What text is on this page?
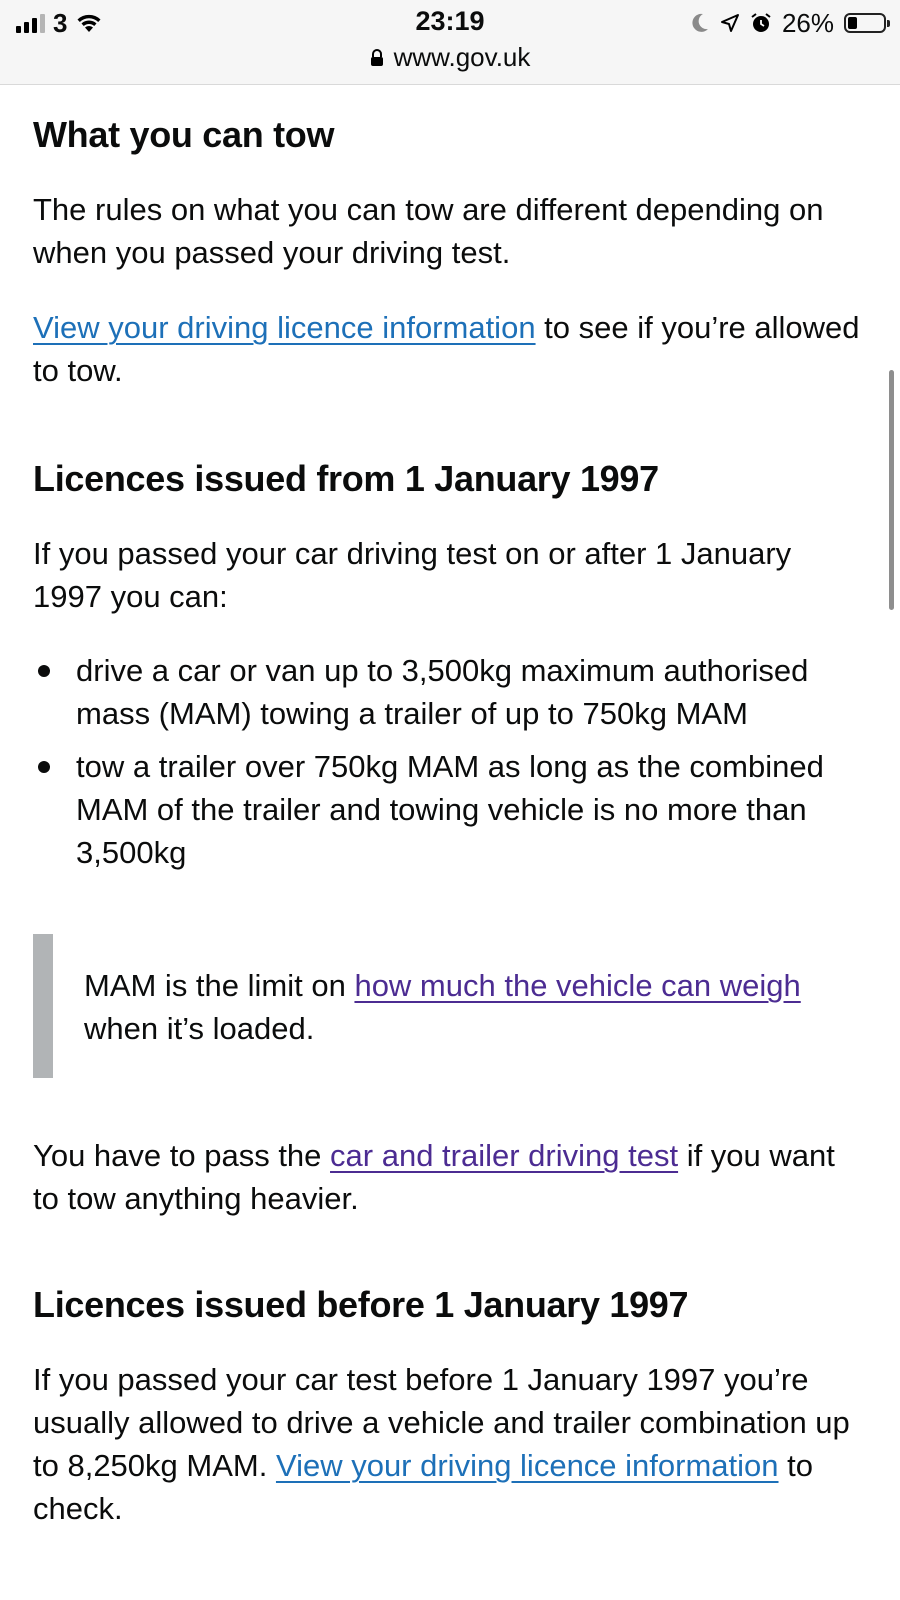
3	23:19
www.gov.uk
26%
What you can tow

The rules on what you can tow are different depending on when you passed your driving test.

View your driving licence information to see if you’re allowed to tow.

Licences issued from 1 January 1997

If you passed your car driving test on or after 1 January 1997 you can:

drive a car or van up to 3,500kg maximum authorised mass (MAM) towing a trailer of up to 750kg MAM
tow a trailer over 750kg MAM as long as the combined MAM of the trailer and towing vehicle is no more than 3,500kg

MAM is the limit on how much the vehicle can weigh when it’s loaded.

You have to pass the car and trailer driving test if you want to tow anything heavier.

Licences issued before 1 January 1997

If you passed your car test before 1 January 1997 you’re usually allowed to drive a vehicle and trailer combination up to 8,250kg MAM. View your driving licence information to check.
